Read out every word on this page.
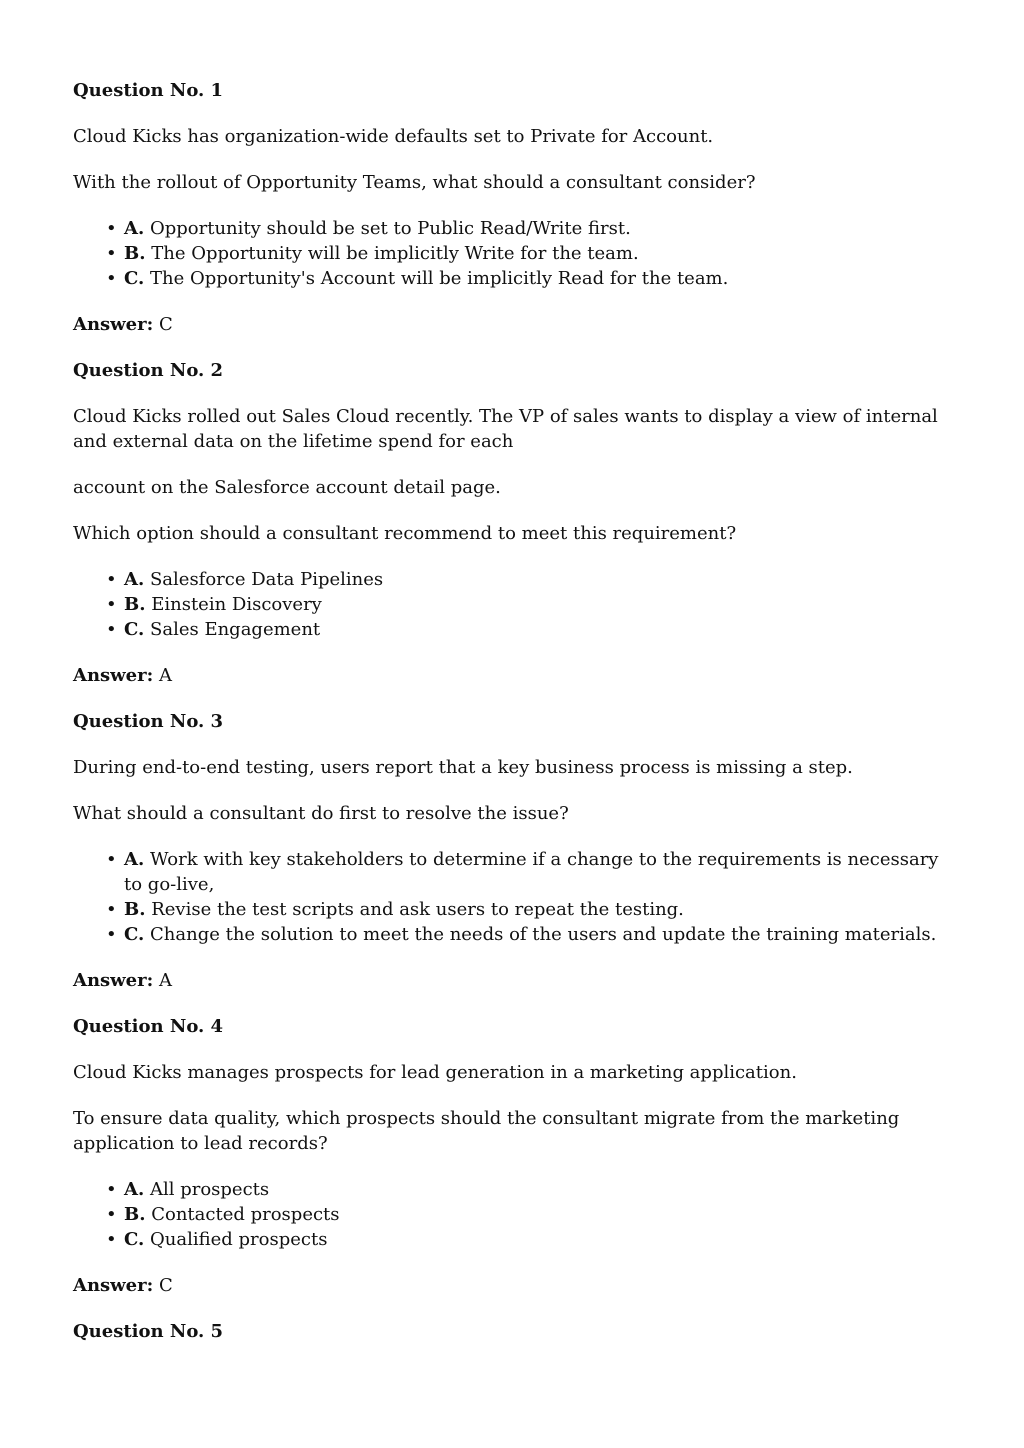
Question No. 1

Cloud Kicks has organization-wide defaults set to Private for Account.

With the rollout of Opportunity Teams, what should a consultant consider?

• A. Opportunity should be set to Public Read/Write first.
• B. The Opportunity will be implicitly Write for the team.
• C. The Opportunity's Account will be implicitly Read for the team.

Answer: C

Question No. 2

Cloud Kicks rolled out Sales Cloud recently. The VP of sales wants to display a view of internal and external data on the lifetime spend for each

account on the Salesforce account detail page.

Which option should a consultant recommend to meet this requirement?

• A. Salesforce Data Pipelines
• B. Einstein Discovery
• C. Sales Engagement

Answer: A

Question No. 3

During end-to-end testing, users report that a key business process is missing a step.

What should a consultant do first to resolve the issue?

• A. Work with key stakeholders to determine if a change to the requirements is necessary to go-live,
• B. Revise the test scripts and ask users to repeat the testing.
• C. Change the solution to meet the needs of the users and update the training materials.

Answer: A

Question No. 4

Cloud Kicks manages prospects for lead generation in a marketing application.

To ensure data quality, which prospects should the consultant migrate from the marketing application to lead records?

• A. All prospects
• B. Contacted prospects
• C. Qualified prospects

Answer: C

Question No. 5
